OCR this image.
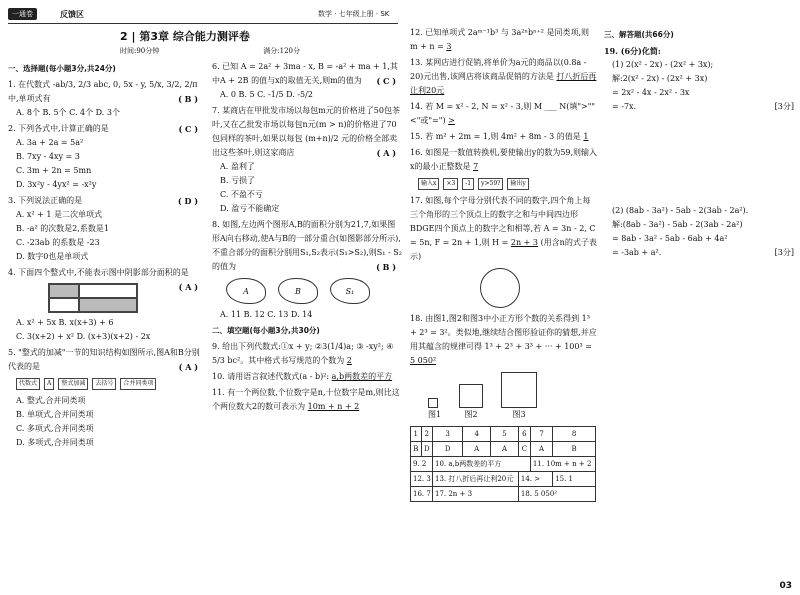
一通卷	反馈区	数学 · 七年级上册 · SK
2 | 第3章 综合能力测评卷
时间:90分钟	满分:120分
一、选择题(每小题3分,共24分)
1. 在代数式 -ab/3, 2/3 abc, 0, 5x - y, 5/x, 3/2, 2/π 中,单项式有	( B )
A. 8个 B. 5个 C. 4个 D. 3个
2. 下列各式中,计算正确的是	( C )
A. 3a + 2a = 5a²
B. 7xy - 4xy = 3
C. 3m + 2n = 5mn
D. 3x²y - 4yx² = -x²y
3. 下列说法正确的是	( D )
A. x² + 1 是二次单项式
B. -a² 的次数是2,系数是1
C. -23ab 的系数是 -23
D. 数字0也是单项式
4. 下面四个整式中,不能表示图中阴影部分面积的是
( A )
A. x² + 5x B. x(x+3) + 6
C. 3(x+2) + x² D. (x+3)(x+2) - 2x
5. "整式的加减"一节的知识结构如图所示,图A和B分别代表的是	( A )
代数式	A	整式加减	去括号	合并同类项
A. 整式,合并同类项
B. 单项式,合并同类项
C. 多项式,合并同类项
D. 多项式,合并同类项
6. 已知 A = 2a² + 3ma - x, B = -a² + ma + 1,其中A + 2B 的值与x的取值无关,则m的值为 ( C )
A. 0 B. 5 C. -1/5 D. -5/2
7. 某商店在甲批发市场以每包m元的价格进了50包茶叶,又在乙批发市场以每包n元(m > n)的价格进了70包同样的茶叶,如果以每包 (m+n)/2 元的价格全部卖出这些茶叶,则这家商店	( A )
A. 盈利了
B. 亏损了
C. 不盈不亏
D. 盈亏不能确定
8. 如图,左边两个图形A,B的面积分别为21,7,如果图形A向右移动,使A与B的一部分重合(如图影部分所示),不重合部分的面积分别用S₁,S₂表示(S₁>S₂),则S₁ - S₂的值为	( B )
A	B	S₁
A. 11 B. 12 C. 13 D. 14
二、填空题(每小题3分,共30分)
9. 给出下列代数式:①x + y; ②3(1/4)a; ③ -xy²; ④ 5/3 bc²。其中格式书写规范的个数为 2
10. 请用语言叙述代数式(a - b)²: a,b两数差的平方
11. 有一个两位数,个位数字是n,十位数字是m,则比这个两位数大2的数可表示为 10m + n + 2
12. 已知单项式 2aᵐ⁻¹b³ 与 3a²ⁿbⁿ⁺² 是同类项,则 m + n = 3
13. 某网店进行促销,将单价为a元的商品以(0.8a - 20)元出售,该网店将该商品促销的方法是 打八折后再让利20元
14. 若 M = x² - 2, N = x² - 3,则 M ___ N(填">""<"或"=") >
15. 若 m² + 2m = 1,则 4m² + 8m - 3 的值是 1
16. 如图是一数值转换机,要使输出y的数为59,则输入x的最小正整数是 7
输入x	×3	-1	y>59?	输出y
17. 如图,每个字母分别代表不同的数字,四个角上每三个角形的三个顶点上的数字之和与中间四边形BDGE四个顶点上的数字之和相等,若 A = 3n - 2, C = 5n, F = 2n + 1,则 H = 2n + 3 (用含n的式子表示)
18. 由图1,图2和图3中小正方形个数的关系得到 1³ + 2³ = 3²。类似地,继续结合图形验证你的猜想,并应用其蕴含的规律可得 1³ + 2³ + 3³ + ··· + 100³ = 5 050²
图1	图2	图3
1	2	3	4	5	6	7	8
B	D	D	A	A	C	A	B
9. 2		10. a,b两数差的平方				11. 10m + n + 2	
12. 3		13. 打八折后再让利20元			14. >		15. 1
16. 7		17. 2n + 3			18. 5 050²		
三、解答题(共66分)
19. (6分)化简:
(1) 2(x² - 2x) - (2x² + 3x);
解:2(x² - 2x) - (2x² + 3x)
= 2x² - 4x - 2x² - 3x
= -7x.	[3分]
(2) (8ab - 3a²) - 5ab - 2(3ab - 2a²).
解:(8ab - 3a²) - 5ab - 2(3ab - 2a²)
= 8ab - 3a² - 5ab - 6ab + 4a²
= -3ab + a².	[3分]
03
